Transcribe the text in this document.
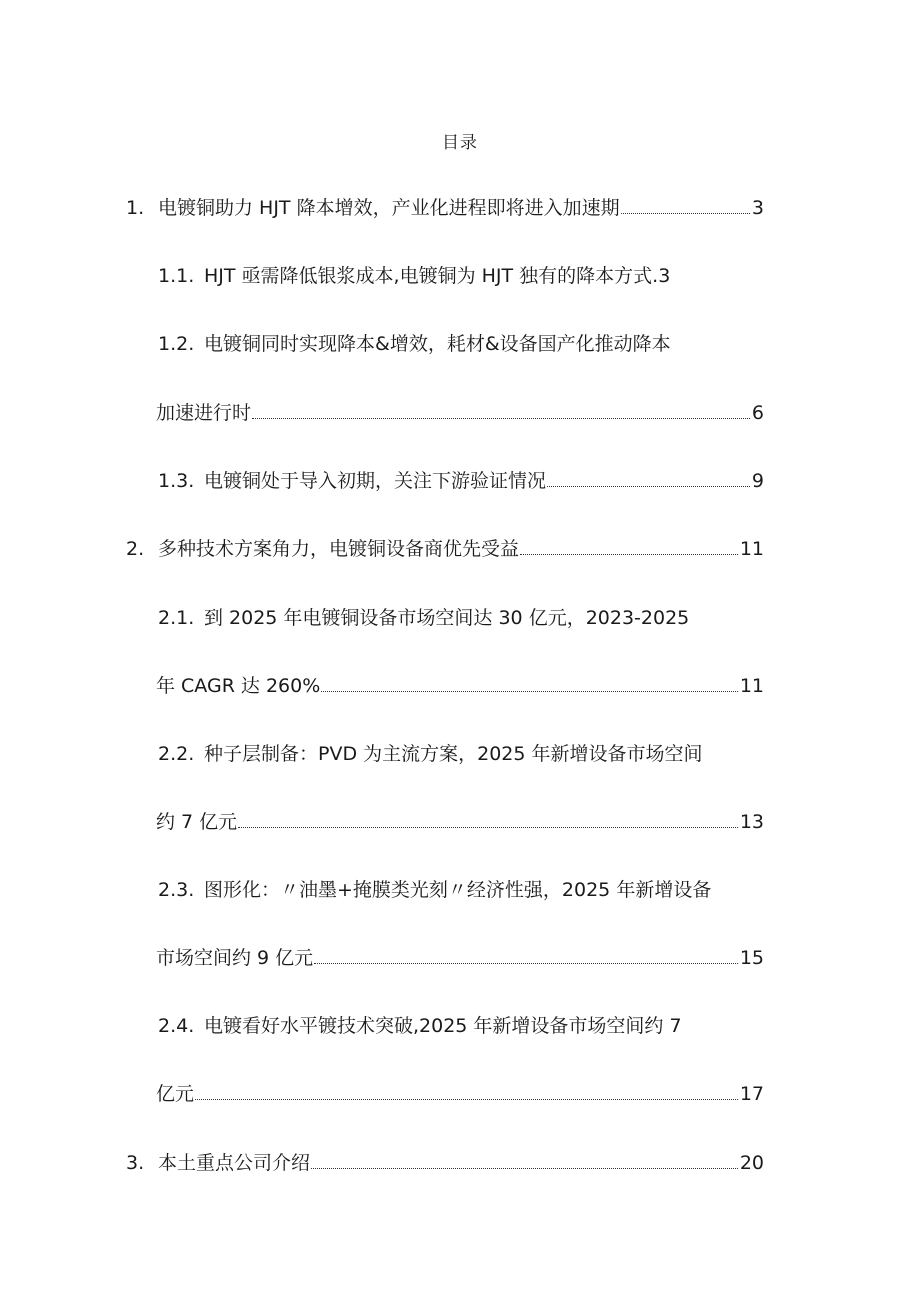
目录
1. 电镀铜助力 HJT 降本增效，产业化进程即将进入加速期	3
1.1. HJT 亟需降低银浆成本,电镀铜为 HJT 独有的降本方式.3
1.2. 电镀铜同时实现降本&增效，耗材&设备国产化推动降本
加速进行时	6
1.3. 电镀铜处于导入初期，关注下游验证情况	9
2. 多种技术方案角力，电镀铜设备商优先受益	11
2.1. 到 2025 年电镀铜设备市场空间达 30 亿元，2023-2025
年 CAGR 达 260%	11
2.2. 种子层制备：PVD 为主流方案，2025 年新增设备市场空间
约 7 亿元	13
2.3. 图形化：〃油墨+掩膜类光刻〃经济性强，2025 年新增设备
市场空间约 9 亿元	15
2.4. 电镀看好水平镀技术突破,2025 年新增设备市场空间约 7
亿元	17
3. 本土重点公司介绍	20
